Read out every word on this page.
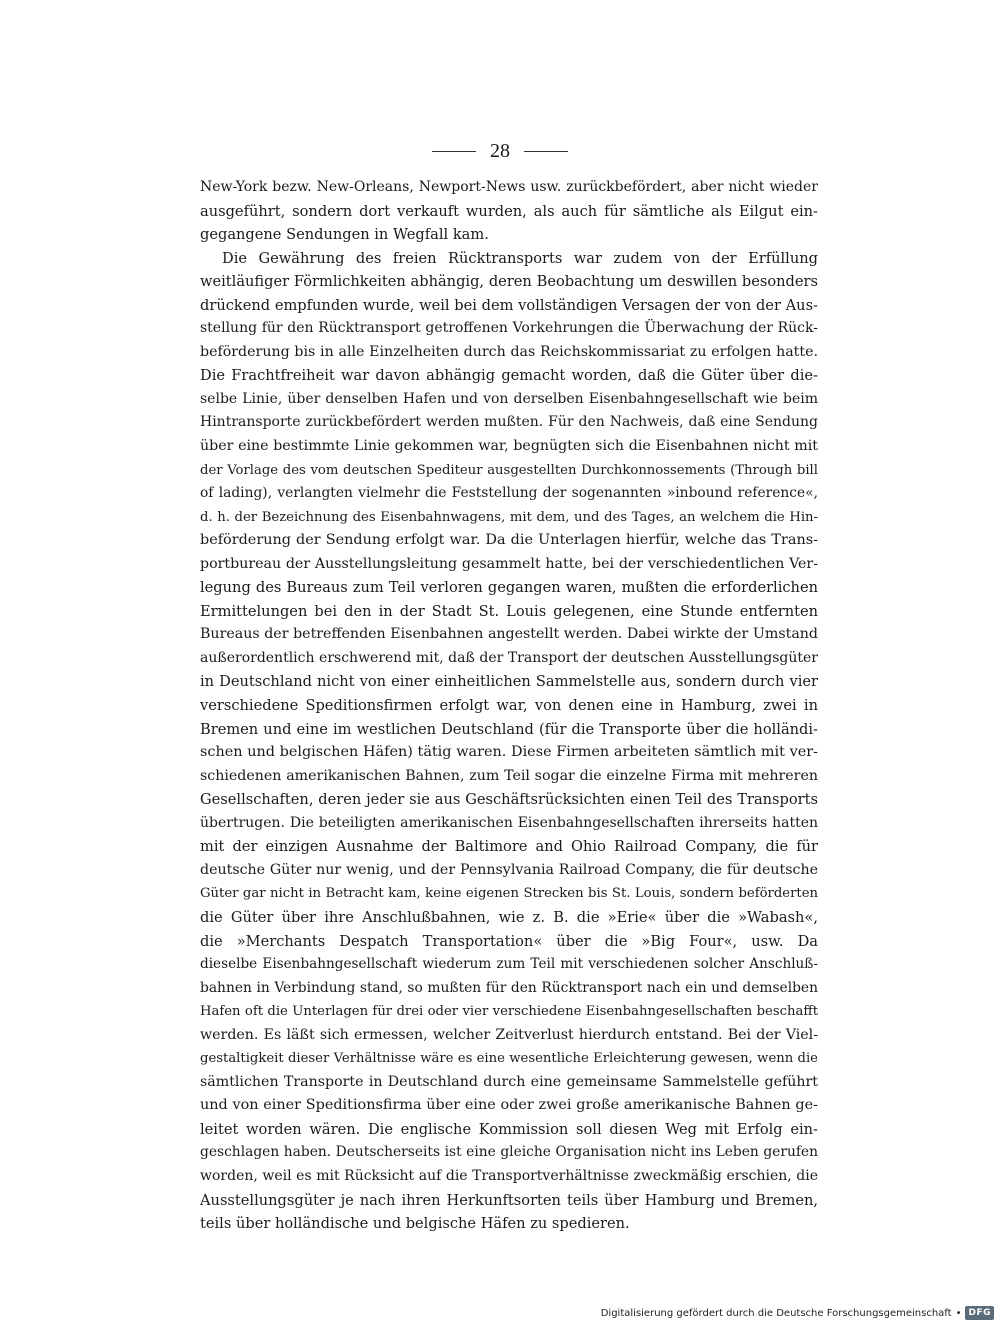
28
New-York bezw. New-Orleans, Newport-News usw. zurückbefördert, aber nicht wieder
ausgeführt, sondern dort verkauft wurden, als auch für sämtliche als Eilgut ein-
gegangene Sendungen in Wegfall kam.
Die Gewährung des freien Rücktransports war zudem von der Erfüllung
weitläufiger Förmlichkeiten abhängig, deren Beobachtung um deswillen besonders
drückend empfunden wurde, weil bei dem vollständigen Versagen der von der Aus-
stellung für den Rücktransport getroffenen Vorkehrungen die Überwachung der Rück-
beförderung bis in alle Einzelheiten durch das Reichskommissariat zu erfolgen hatte.
Die Frachtfreiheit war davon abhängig gemacht worden, daß die Güter über die-
selbe Linie, über denselben Hafen und von derselben Eisenbahngesellschaft wie beim
Hintransporte zurückbefördert werden mußten. Für den Nachweis, daß eine Sendung
über eine bestimmte Linie gekommen war, begnügten sich die Eisenbahnen nicht mit
der Vorlage des vom deutschen Spediteur ausgestellten Durchkonnossements (Through bill
of lading), verlangten vielmehr die Feststellung der sogenannten »inbound reference«,
d. h. der Bezeichnung des Eisenbahnwagens, mit dem, und des Tages, an welchem die Hin-
beförderung der Sendung erfolgt war. Da die Unterlagen hierfür, welche das Trans-
portbureau der Ausstellungsleitung gesammelt hatte, bei der verschiedentlichen Ver-
legung des Bureaus zum Teil verloren gegangen waren, mußten die erforderlichen
Ermittelungen bei den in der Stadt St. Louis gelegenen, eine Stunde entfernten
Bureaus der betreffenden Eisenbahnen angestellt werden. Dabei wirkte der Umstand
außerordentlich erschwerend mit, daß der Transport der deutschen Ausstellungsgüter
in Deutschland nicht von einer einheitlichen Sammelstelle aus, sondern durch vier
verschiedene Speditionsfirmen erfolgt war, von denen eine in Hamburg, zwei in
Bremen und eine im westlichen Deutschland (für die Transporte über die holländi-
schen und belgischen Häfen) tätig waren. Diese Firmen arbeiteten sämtlich mit ver-
schiedenen amerikanischen Bahnen, zum Teil sogar die einzelne Firma mit mehreren
Gesellschaften, deren jeder sie aus Geschäftsrücksichten einen Teil des Transports
übertrugen. Die beteiligten amerikanischen Eisenbahngesellschaften ihrerseits hatten
mit der einzigen Ausnahme der Baltimore and Ohio Railroad Company, die für
deutsche Güter nur wenig, und der Pennsylvania Railroad Company, die für deutsche
Güter gar nicht in Betracht kam, keine eigenen Strecken bis St. Louis, sondern beförderten
die Güter über ihre Anschlußbahnen, wie z. B. die »Erie« über die »Wabash«,
die »Merchants Despatch Transportation« über die »Big Four«, usw. Da
dieselbe Eisenbahngesellschaft wiederum zum Teil mit verschiedenen solcher Anschluß-
bahnen in Verbindung stand, so mußten für den Rücktransport nach ein und demselben
Hafen oft die Unterlagen für drei oder vier verschiedene Eisenbahngesellschaften beschafft
werden. Es läßt sich ermessen, welcher Zeitverlust hierdurch entstand. Bei der Viel-
gestaltigkeit dieser Verhältnisse wäre es eine wesentliche Erleichterung gewesen, wenn die
sämtlichen Transporte in Deutschland durch eine gemeinsame Sammelstelle geführt
und von einer Speditionsfirma über eine oder zwei große amerikanische Bahnen ge-
leitet worden wären. Die englische Kommission soll diesen Weg mit Erfolg ein-
geschlagen haben. Deutscherseits ist eine gleiche Organisation nicht ins Leben gerufen
worden, weil es mit Rücksicht auf die Transportverhältnisse zweckmäßig erschien, die
Ausstellungsgüter je nach ihren Herkunftsorten teils über Hamburg und Bremen,
teils über holländische und belgische Häfen zu spedieren.
Digitalisierung gefördert durch die Deutsche Forschungsgemeinschaft • DFG
